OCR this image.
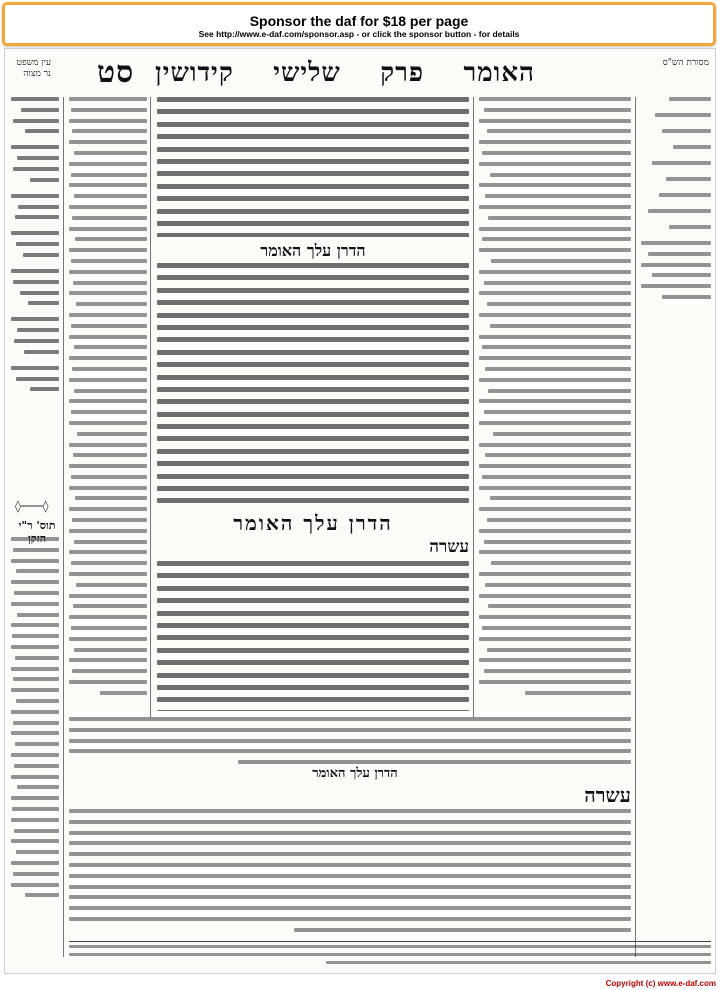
Sponsor the daf for $18 per page
See http://www.e-daf.com/sponsor.asp - or click the sponsor button - for details
מסורת הש"ס
עין משפט נר מצוה	האומר
פרק
שלישי
קידושין
סט
◊───◊
תוס' ר"י
הדרן עלך האומר
הדרן עלך האומר
עשרה
הדרן עלך האומר
עשרה
Copyright (c) www.e-daf.com
